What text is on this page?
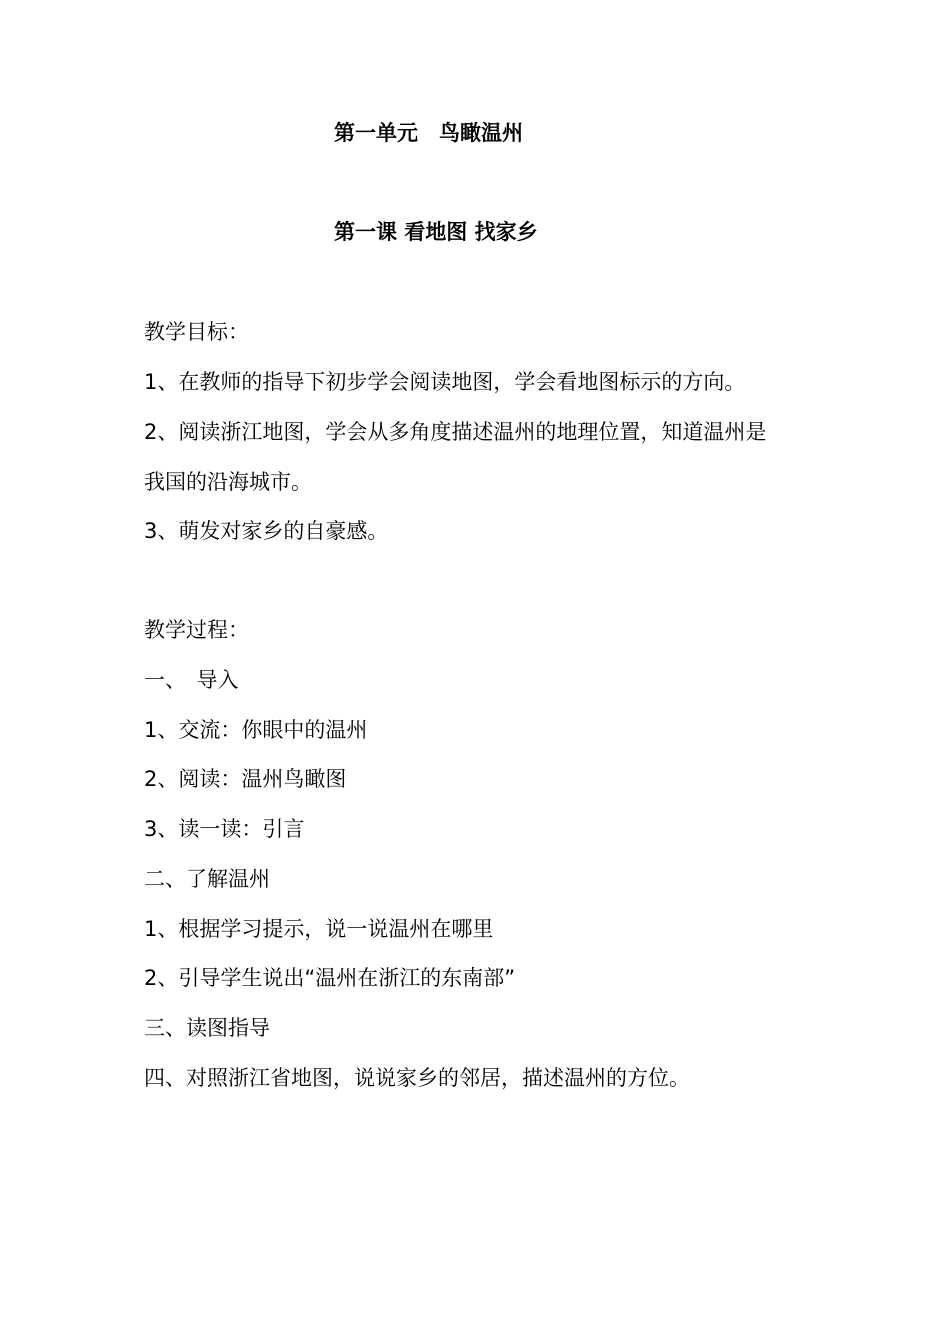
第一单元　鸟瞰温州
第一课 看地图 找家乡
教学目标：
1、在教师的指导下初步学会阅读地图，学会看地图标示的方向。
2、阅读浙江地图，学会从多角度描述温州的地理位置，知道温州是
我国的沿海城市。
3、萌发对家乡的自豪感。
教学过程：
一、　导入
1、交流：你眼中的温州
2、阅读：温州鸟瞰图
3、读一读：引言
二、了解温州
1、根据学习提示，说一说温州在哪里
2、引导学生说出“温州在浙江的东南部”
三、读图指导
四、对照浙江省地图，说说家乡的邻居，描述温州的方位。
